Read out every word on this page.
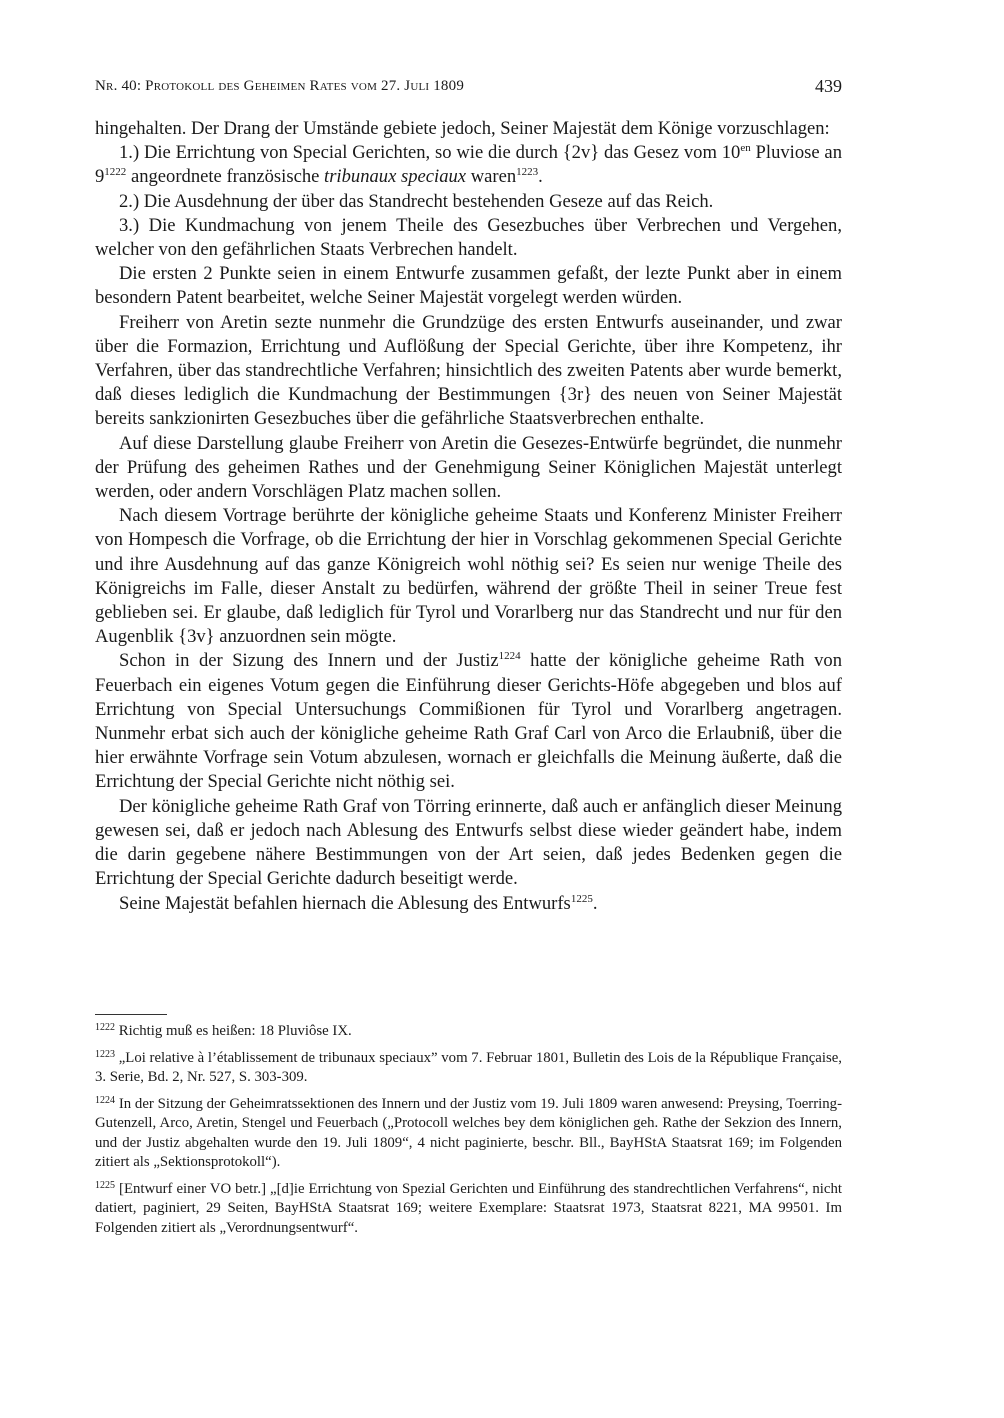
Nr. 40: Protokoll des Geheimen Rates vom 27. Juli 1809	439

hingehalten. Der Drang der Umstände gebiete jedoch, Seiner Majestät dem Könige vorzuschlagen:

1.) Die Errichtung von Special Gerichten, so wie die durch {2v} das Gesez vom $10^{en}$ Pluviose an $9^{1222}$ angeordnete französische tribunaux speciaux waren$^{1223}$.

2.) Die Ausdehnung der über das Standrecht bestehenden Geseze auf das Reich.

3.) Die Kundmachung von jenem Theile des Gesezbuches über Verbrechen und Vergehen, welcher von den gefährlichen Staats Verbrechen handelt.

Die ersten 2 Punkte seien in einem Entwurfe zusammen gefaßt, der lezte Punkt aber in einem besondern Patent bearbeitet, welche Seiner Majestät vorgelegt werden würden.

Freiherr von Aretin sezte nunmehr die Grundzüge des ersten Entwurfs auseinander, und zwar über die Formazion, Errichtung und Auflößung der Special Gerichte, über ihre Kompetenz, ihr Verfahren, über das standrechtliche Verfahren; hinsichtlich des zweiten Patents aber wurde bemerkt, daß dieses lediglich die Kundmachung der Bestimmungen {3r} des neuen von Seiner Majestät bereits sankzionirten Gesezbuches über die gefährliche Staatsverbrechen enthalte.

Auf diese Darstellung glaube Freiherr von Aretin die Gesezes-Entwürfe begründet, die nunmehr der Prüfung des geheimen Rathes und der Genehmigung Seiner Königlichen Majestät unterlegt werden, oder andern Vorschlägen Platz machen sollen.

Nach diesem Vortrage berührte der königliche geheime Staats und Konferenz Minister Freiherr von Hompesch die Vorfrage, ob die Errichtung der hier in Vorschlag gekommenen Special Gerichte und ihre Ausdehnung auf das ganze Königreich wohl nöthig sei? Es seien nur wenige Theile des Königreichs im Falle, dieser Anstalt zu bedürfen, während der größte Theil in seiner Treue fest geblieben sei. Er glaube, daß lediglich für Tyrol und Vorarlberg nur das Standrecht und nur für den Augenblik {3v} anzuordnen sein mögte.

Schon in der Sizung des Innern und der Justiz$^{1224}$ hatte der königliche geheime Rath von Feuerbach ein eigenes Votum gegen die Einführung dieser Gerichts-Höfe abgegeben und blos auf Errichtung von Special Untersuchungs Commißionen für Tyrol und Vorarlberg angetragen. Nunmehr erbat sich auch der königliche geheime Rath Graf Carl von Arco die Erlaubniß, über die hier erwähnte Vorfrage sein Votum abzulesen, wornach er gleichfalls die Meinung äußerte, daß die Errichtung der Special Gerichte nicht nöthig sei.

Der königliche geheime Rath Graf von Törring erinnerte, daß auch er anfänglich dieser Meinung gewesen sei, daß er jedoch nach Ablesung des Entwurfs selbst diese wieder geändert habe, indem die darin gegebene nähere Bestimmungen von der Art seien, daß jedes Bedenken gegen die Errichtung der Special Gerichte dadurch beseitigt werde.

Seine Majestät befahlen hiernach die Ablesung des Entwurfs$^{1225}$.

$^{1222}$ Richtig muß es heißen: 18 Pluviôse IX.

$^{1223}$ „Loi relative à l’établissement de tribunaux speciaux” vom 7. Februar 1801, Bulletin des Lois de la République Française, 3. Serie, Bd. 2, Nr. 527, S. 303-309.

$^{1224}$ In der Sitzung der Geheimratssektionen des Innern und der Justiz vom 19. Juli 1809 waren anwesend: Preysing, Toerring-Gutenzell, Arco, Aretin, Stengel und Feuerbach („Protocoll welches bey dem königlichen geh. Rathe der Sekzion des Innern, und der Justiz abgehalten wurde den 19. Juli 1809“, 4 nicht paginierte, beschr. Bll., BayHStA Staatsrat 169; im Folgenden zitiert als „Sektionsprotokoll“).

$^{1225}$ [Entwurf einer VO betr.] „[d]ie Errichtung von Spezial Gerichten und Einführung des standrechtlichen Verfahrens“, nicht datiert, paginiert, 29 Seiten, BayHStA Staatsrat 169; weitere Exemplare: Staatsrat 1973, Staatsrat 8221, MA 99501. Im Folgenden zitiert als „Verordnungsentwurf“.
